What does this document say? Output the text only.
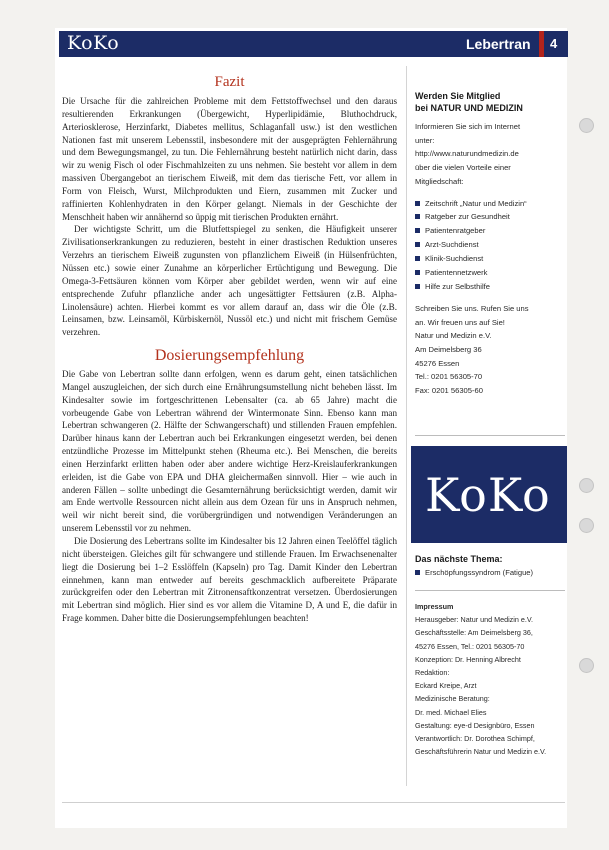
KoKo	Lebertran 4
Fazit

Die Ursache für die zahlreichen Probleme mit dem Fettstoffwechsel und den daraus resultierenden Erkrankungen (Übergewicht, Hyperlipidämie, Bluthochdruck, Arteriosklerose, Herzinfarkt, Diabetes mellitus, Schlaganfall usw.) ist den westlichen Nationen fast mit unserem Lebensstil, insbesondere mit der ausgeprägten Fehlernährung und dem Bewegungsmangel, zu tun. Die Fehlernährung besteht natürlich nicht darin, dass wir zu wenig Fisch ol oder Fischmahlzeiten zu uns nehmen. Sie besteht vor allem in dem massiven Übergangebot an tierischem Eiweiß, mit dem das tierische Fett, vor allem in Form von Fleisch, Wurst, Milchprodukten und Eiern, zusammen mit Zucker und raffinierten Kohlenhydraten in den Körper gelangt. Niemals in der Geschichte der Menschheit haben wir annähernd so üppig mit tierischen Produkten ernährt.

Der wichtigste Schritt, um die Blutfettspiegel zu senken, die Häufigkeit unserer Zivilisationserkrankungen zu reduzieren, besteht in einer drastischen Reduktion unseres Verzehrs an tierischem Eiweiß zugunsten von pflanzlichem Eiweiß (in Hülsenfrüchten, Nüssen etc.) sowie einer Zunahme an körperlicher Ertüchtigung und Bewegung. Die Omega-3-Fettsäuren können vom Körper aber gebildet werden, wenn wir auf eine entsprechende Zufuhr pflanzliche ander ach ungesättigter Fettsäuren (z.B. Alpha-Linolensäure) achten. Hierbei kommt es vor allem darauf an, dass wir die Öle (z.B. Leinsamen, bzw. Leinsamöl, Kürbiskernöl, Nussöl etc.) und nicht mit frischem Gemüse verzehren.

Dosierungsempfehlung

Die Gabe von Lebertran sollte dann erfolgen, wenn es darum geht, einen tatsächlichen Mangel auszugleichen, der sich durch eine Ernährungsumstellung nicht beheben lässt. Im Kindesalter sowie im fortgeschrittenen Lebensalter (ca. ab 65 Jahre) macht die vorbeugende Gabe von Lebertran während der Wintermonate Sinn. Ebenso kann man Lebertran schwangeren (2. Hälfte der Schwangerschaft) und stillenden Frauen empfehlen. Darüber hinaus kann der Lebertran auch bei Erkrankungen eingesetzt werden, bei denen entzündliche Prozesse im Mittelpunkt stehen (Rheuma etc.). Bei Menschen, die bereits einen Herzinfarkt erlitten haben oder aber andere wichtige Herz-Kreislauferkrankungen erleiden, ist die Gabe von EPA und DHA gleichermaßen sinnvoll. Hier – wie auch in anderen Fällen – sollte unbedingt die Gesamternährung berücksichtigt werden, damit wir am Ende wertvolle Ressourcen nicht allein aus dem Ozean für uns in Anspruch nehmen, weil wir nicht bereit sind, die vorübergründigen und notwendigen Veränderungen an unserem Lebensstil vor zu nehmen.

Die Dosierung des Lebertrans sollte im Kindesalter bis 12 Jahren einen Teelöffel täglich nicht übersteigen. Gleiches gilt für schwangere und stillende Frauen. Im Erwachsenenalter liegt die Dosierung bei 1–2 Esslöffeln (Kapseln) pro Tag. Damit Kinder den Lebertran einnehmen, kann man entweder auf bereits geschmacklich aufbereitete Präparate zurückgreifen oder den Lebertran mit Zitronensaftkonzentrat versetzen. Überdosierungen mit Lebertran sind möglich. Hier sind es vor allem die Vitamine D, A und E, die dafür in Frage kommen. Daher bitte die Dosierungsempfehlungen beachten!

Werden Sie Mitglied
bei NATUR UND MEDIZIN

Informieren Sie sich im Internet

unter:

http://www.naturundmedizin.de

über die vielen Vorteile einer

Mitgliedschaft:

Zeitschrift „Natur und Medizin“
Ratgeber zur Gesundheit
Patientenratgeber
Arzt-Suchdienst
Klinik-Suchdienst
Patientennetzwerk
Hilfe zur Selbsthilfe

Schreiben Sie uns. Rufen Sie uns

an. Wir freuen uns auf Sie!

Natur und Medizin e.V.

Am Deimelsberg 36

45276 Essen

Tel.: 0201 56305-70

Fax: 0201 56305-60

KoKo

Das nächste Thema:

Erschöpfungssyndrom (Fatigue)

Impressum

Herausgeber: Natur und Medizin e.V.

Geschäftsstelle: Am Deimelsberg 36,

45276 Essen, Tel.: 0201 56305-70

Konzeption: Dr. Henning Albrecht

Redaktion:

Eckard Kreipe, Arzt

Medizinische Beratung:

Dr. med. Michael Elies

Gestaltung: eye-d Designbüro, Essen

Verantwortlich: Dr. Dorothea Schimpf,

Geschäftsführerin Natur und Medizin e.V.
